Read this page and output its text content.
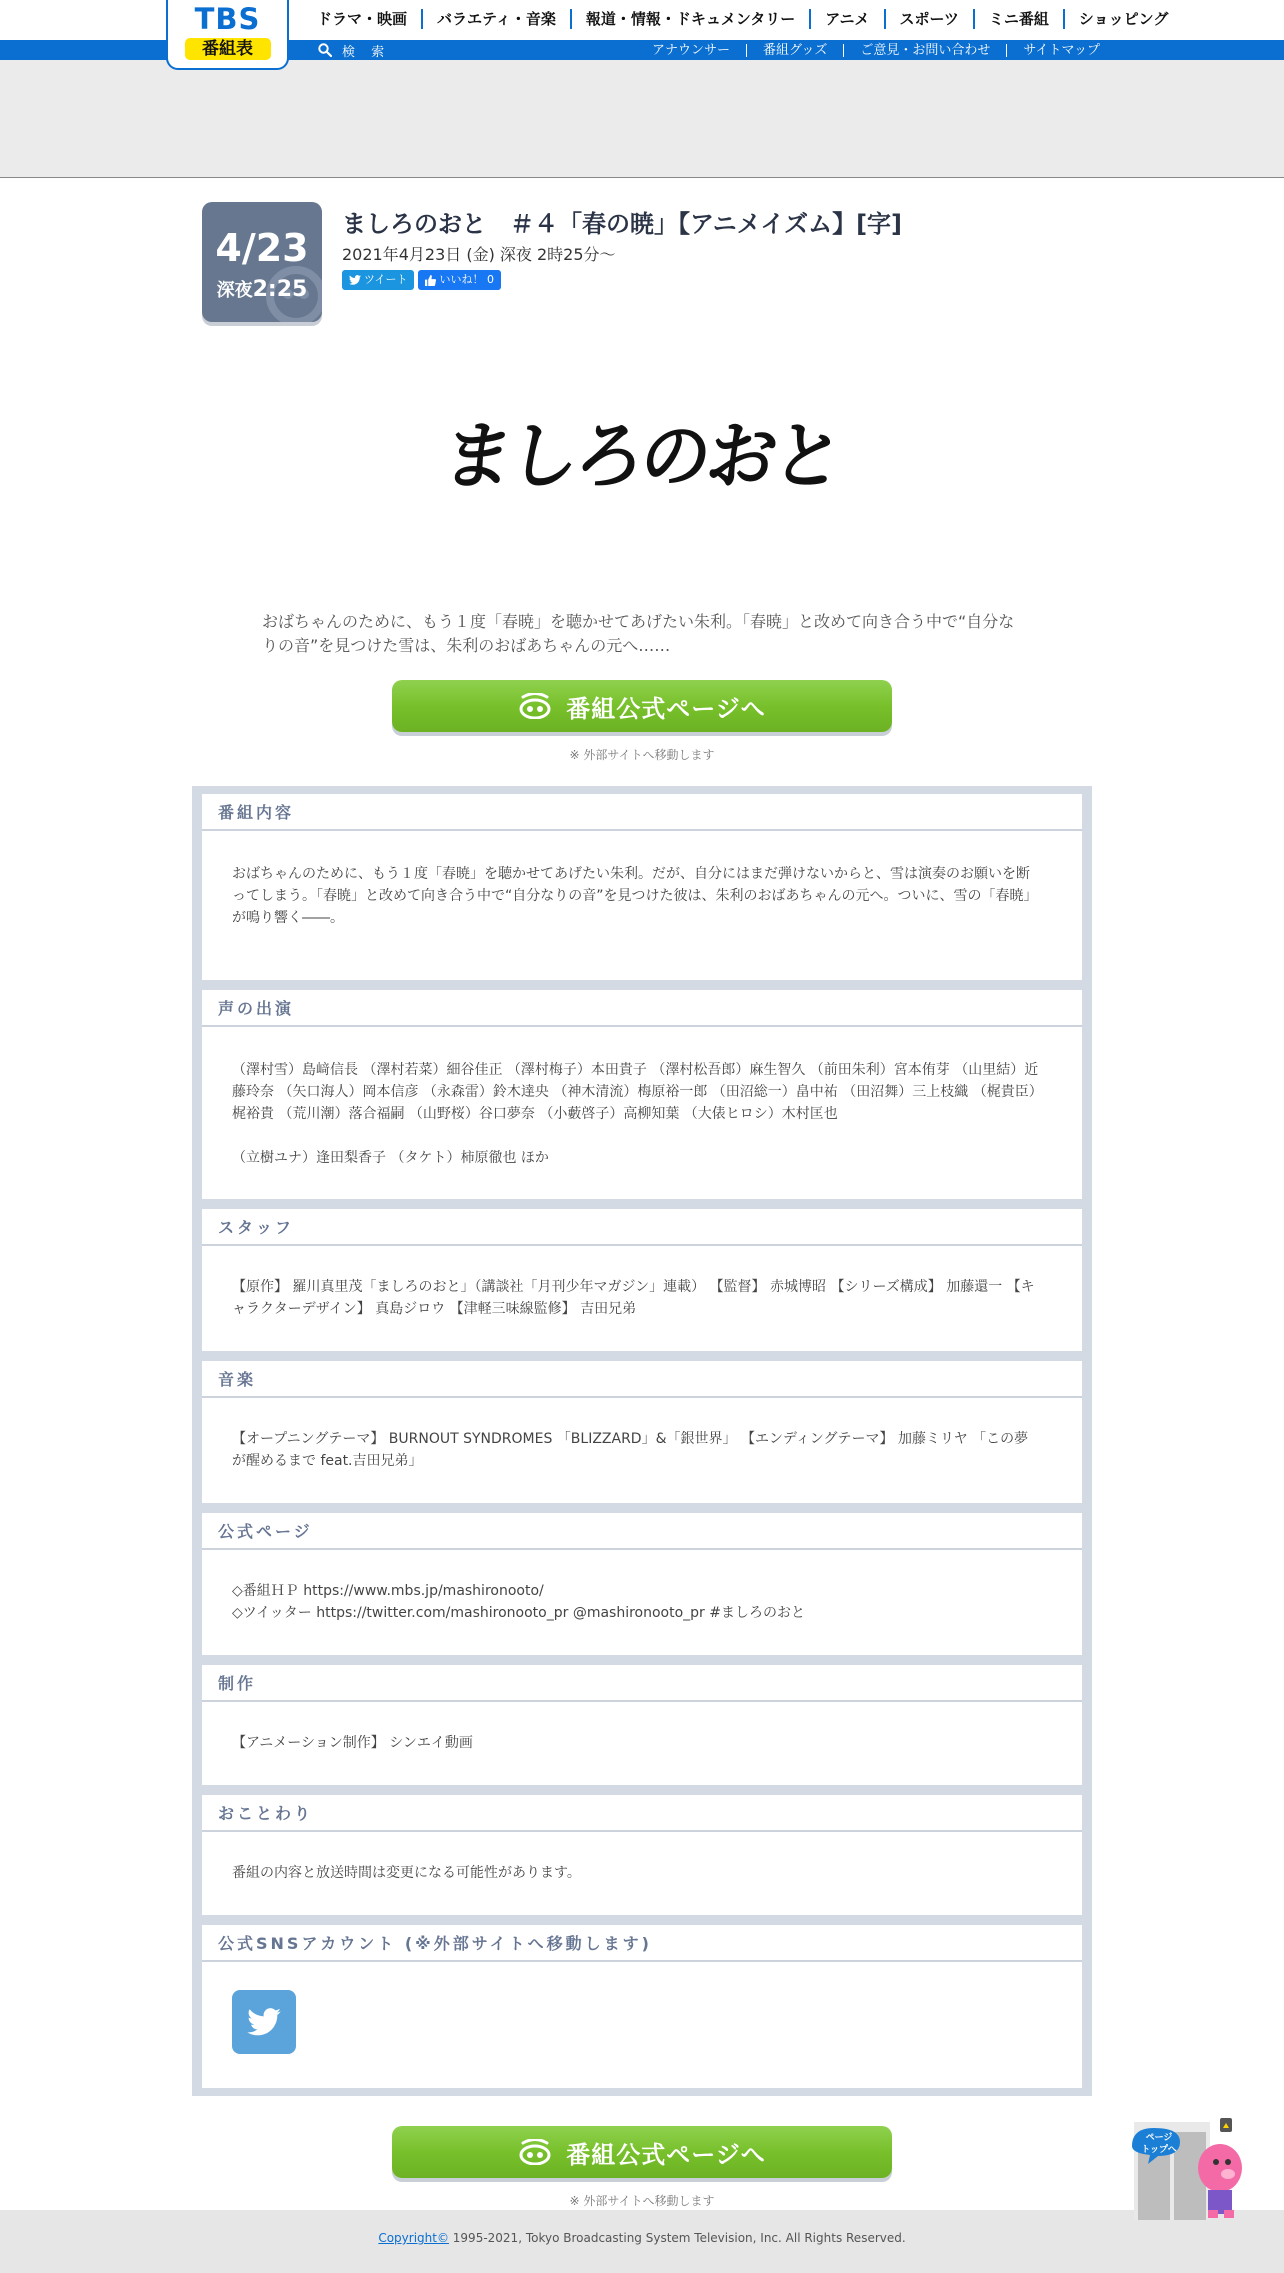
TBS
番組表
ドラマ・映画	バラエティ・音楽	報道・情報・ドキュメンタリー	アニメ	スポーツ	ミニ番組	ショッピング
検 索	アナウンサー	番組グッズ	ご意見・お問い合わせ	サイトマップ
4/23
深夜2:25
ましろのおと　＃４「春の暁」【アニメイズム】[字]
2021年4月23日 (金) 深夜 2時25分〜
ツイート	いいね！ 0
ましろのおと
おばちゃんのために、もう１度「春暁」を聴かせてあげたい朱利。「春暁」と改めて向き合う中で“自分なりの音”を見つけた雪は、朱利のおばあちゃんの元へ……
番組公式ページへ
※ 外部サイトへ移動します
番組内容
おばちゃんのために、もう１度「春暁」を聴かせてあげたい朱利。だが、自分にはまだ弾けないからと、雪は演奏のお願いを断ってしまう。「春暁」と改めて向き合う中で“自分なりの音”を見つけた彼は、朱利のおばあちゃんの元へ。ついに、雪の「春暁」が鳴り響く――。
声の出演

（澤村雪）島﨑信長 （澤村若菜）細谷佳正 （澤村梅子）本田貴子 （澤村松吾郎）麻生智久 （前田朱利）宮本侑芽 （山里結）近藤玲奈 （矢口海人）岡本信彦 （永森雷）鈴木達央 （神木清流）梅原裕一郎 （田沼総一）畠中祐 （田沼舞）三上枝織 （梶貴臣）梶裕貴 （荒川潮）落合福嗣 （山野桜）谷口夢奈 （小藪啓子）高柳知葉 （大俵ヒロシ）木村匡也

（立樹ユナ）逢田梨香子 （タケト）柿原徹也 ほか

スタッフ
【原作】 羅川真里茂「ましろのおと」（講談社「月刊少年マガジン」連載） 【監督】 赤城博昭 【シリーズ構成】 加藤還一 【キャラクターデザイン】 真島ジロウ 【津軽三味線監修】 吉田兄弟
音楽
【オープニングテーマ】 BURNOUT SYNDROMES 「BLIZZARD」&「銀世界」 【エンディングテーマ】 加藤ミリヤ 「この夢が醒めるまで feat.吉田兄弟」
公式ページ
◇番組ＨＰ https://www.mbs.jp/mashironooto/
◇ツイッター https://twitter.com/mashironooto_pr @mashironooto_pr #ましろのおと
制作
【アニメーション制作】 シンエイ動画
おことわり
番組の内容と放送時間は変更になる可能性があります。
公式SNSアカウント (※外部サイトへ移動します)
番組公式ページへ
※ 外部サイトへ移動します
Copyright© 1995-2021, Tokyo Broadcasting System Television, Inc. All Rights Reserved.
ページ
トップへ
